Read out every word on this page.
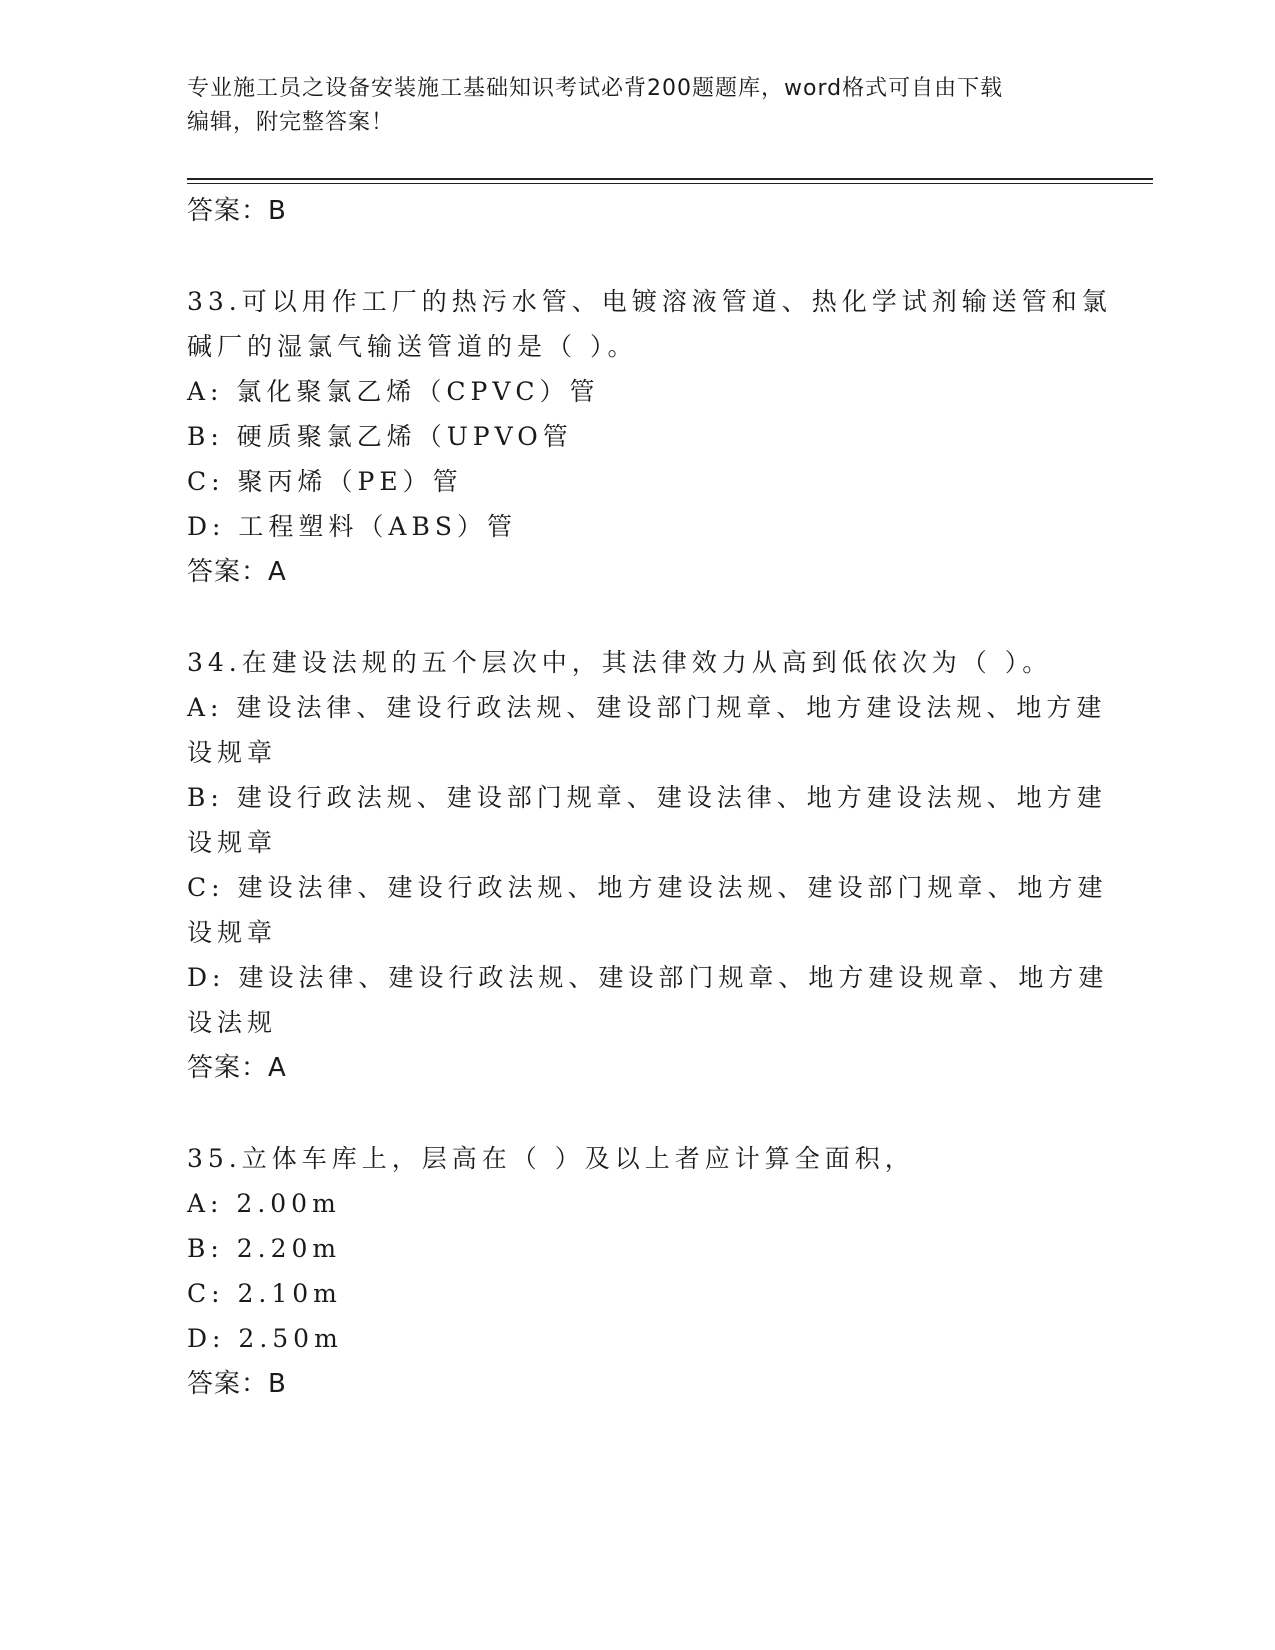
专业施工员之设备安装施工基础知识考试必背200题题库，word格式可自由下载
编辑，附完整答案！
答案：B
33.可以用作工厂的热污水管、电镀溶液管道、热化学试剂输送管和氯
碱厂的湿氯气输送管道的是（ ）。
A: 氯化聚氯乙烯（CPVC）管
B: 硬质聚氯乙烯（UPVO管
C: 聚丙烯（PE）管
D: 工程塑料（ABS）管
答案：A
34.在建设法规的五个层次中，其法律效力从高到低依次为（ ）。
A: 建设法律、建设行政法规、建设部门规章、地方建设法规、地方建
设规章
B: 建设行政法规、建设部门规章、建设法律、地方建设法规、地方建
设规章
C: 建设法律、建设行政法规、地方建设法规、建设部门规章、地方建
设规章
D: 建设法律、建设行政法规、建设部门规章、地方建设规章、地方建
设法规
答案：A
35.立体车库上，层高在（ ）及以上者应计算全面积，
A: 2.00m
B: 2.20m
C: 2.10m
D: 2.50m
答案：B
